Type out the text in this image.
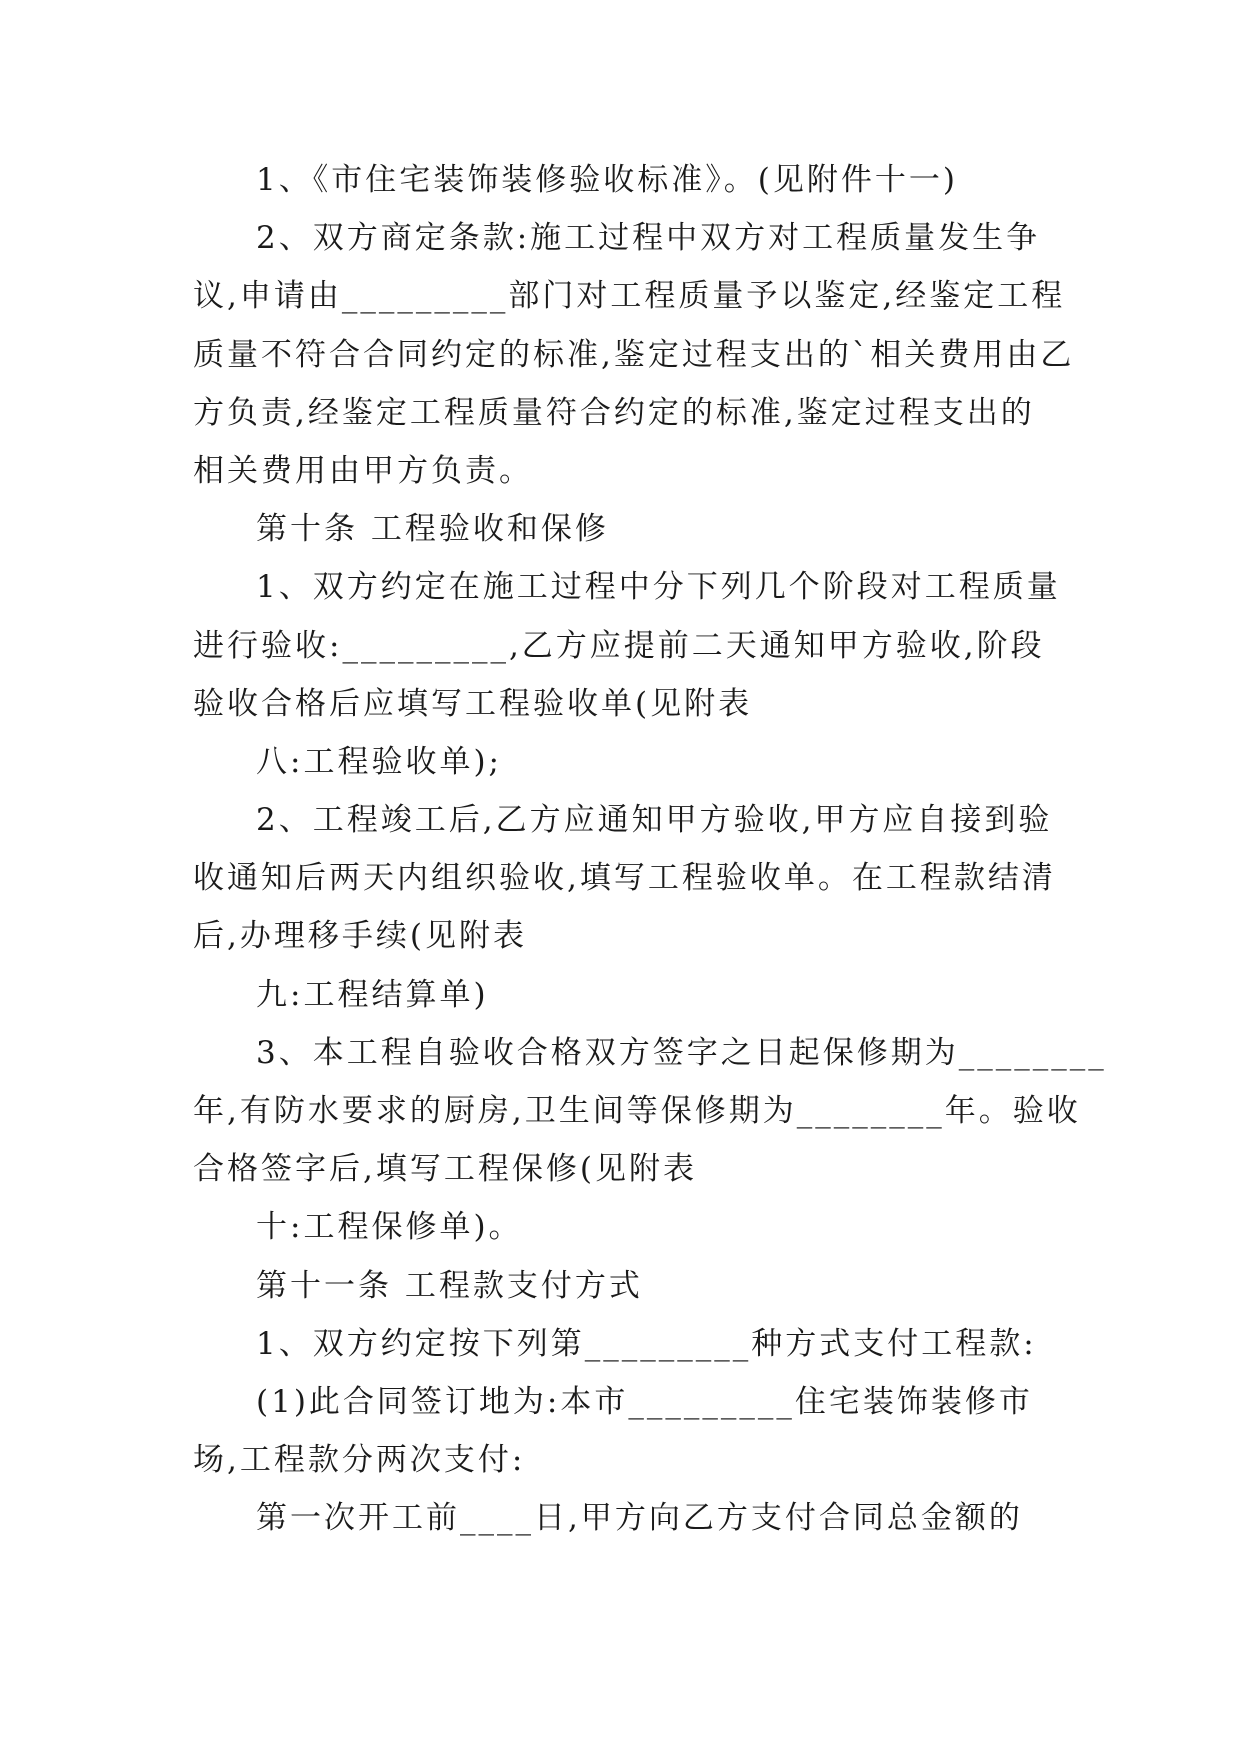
1、《市住宅装饰装修验收标准》。(见附件十一)
2、双方商定条款:施工过程中双方对工程质量发生争
议,申请由_________部门对工程质量予以鉴定,经鉴定工程
质量不符合合同约定的标准,鉴定过程支出的`相关费用由乙
方负责,经鉴定工程质量符合约定的标准,鉴定过程支出的
相关费用由甲方负责。
第十条 工程验收和保修
1、双方约定在施工过程中分下列几个阶段对工程质量
进行验收:_________,乙方应提前二天通知甲方验收,阶段
验收合格后应填写工程验收单(见附表
八:工程验收单);
2、工程竣工后,乙方应通知甲方验收,甲方应自接到验
收通知后两天内组织验收,填写工程验收单。在工程款结清
后,办理移手续(见附表
九:工程结算单)
3、本工程自验收合格双方签字之日起保修期为________
年,有防水要求的厨房,卫生间等保修期为________年。验收
合格签字后,填写工程保修(见附表
十:工程保修单)。
第十一条 工程款支付方式
1、双方约定按下列第_________种方式支付工程款:
(1)此合同签订地为:本市_________住宅装饰装修市
场,工程款分两次支付:
第一次开工前____日,甲方向乙方支付合同总金额的
